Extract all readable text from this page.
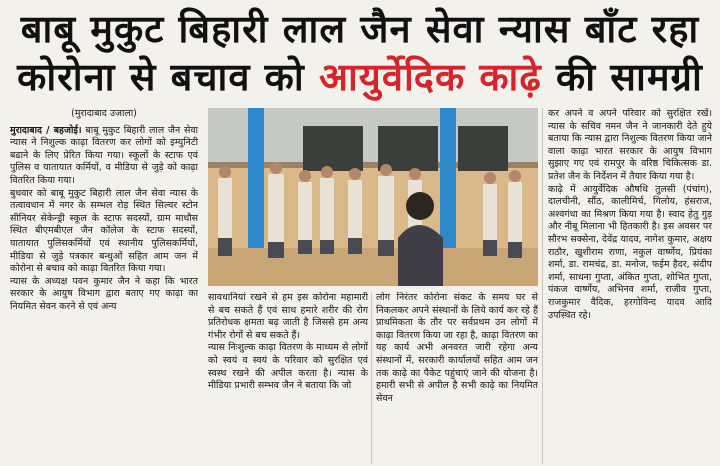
बाबू मुकुट बिहारी लाल जैन सेवा न्यास बाँट रहा
कोरोना से बचाव को आयुर्वेदिक काढ़े की सामग्री

(मुरादाबाद उजाला)

मुरादाबाद / बहजोई। बाबू मुकुट बिहारी लाल जैन सेवा न्यास ने निशुल्क काढ़ा वितरण कर लोगों को इम्युनिटी बढाने के लिए प्रेरित किया गया। स्कूलों के स्टाफ एवं पुलिस व यातायात कर्मियों, व मीडिया से जुड़े को काढ़ा वितरित किया गया।

बुधवार को बाबू मुकुट बिहारी लाल जैन सेवा न्यास के तत्वावधान में नगर के सम्भल रोड़ स्थित सिल्वर स्टोन सीनियर सेकेन्ड्री स्कूल के स्टाफ सदस्यों, ग्राम माधौस स्थित बीएमबीएल जैन कॉलेज के स्टाफ सदस्यों, यातायात पुलिसकर्मियों एवं स्थानीय पुलिसकर्मियों, मीडिया से जुड़े पत्रकार बन्धुओं सहित आम जन में कोरोना से बचाव को काढ़ा वितरित किया गया।

न्यास के अध्यक्ष पवन कुमार जैन ने कहा कि भारत सरकार के आयुष विभाग द्वारा बताए गए काढ़ा का नियमित सेवन करने से एवं अन्य

सावधानियां रखने से हम इस कोरोना महामारी से बच सकते हैं एवं साथ हमारे शरीर की रोग प्रतिरोधक क्षमता बढ़ जाती है जिससे हम अन्य गंभीर रोगों से बच सकते हैं।

न्यास निःशुल्क काढ़ा वितरण के माध्यम से लोगों को स्वयं व स्वयं के परिवार को सुरक्षित एवं स्वस्थ रखने की अपील करता है। न्यास के मीडिया प्रभारी सम्भव जैन ने बताया कि जो

लोग निरंतर कोरोना संकट के समय घर से निकलकर अपने संस्थानों के लिये कार्य कर रहे हैं प्राथमिकता के तौर पर सर्वप्रथम उन लोगों में काढ़ा वितरण किया जा रहा है, काढ़ा वितरण का यह कार्य अभी अनवरत जारी रहेगा अन्य संस्थानों में, सरकारी कार्यालयों सहित आम जन तक काढ़े का पैकेट पहुंचाएं जाने की योजना है। हमारी सभी से अपील है सभी काढ़े का नियमित सेवन

कर अपने व अपने परिवार को सुरक्षित रखें। न्यास के सचिव नमन जैन ने जानकारी देते हुये बताया कि न्यास द्वारा निशुल्क वितरण किया जाने वाला काढ़ा भारत सरकार के आयुष विभाग सुझाए गए एवं रामपुर के वरिष्ठ चिकित्सक डा. प्रतेश जैन के निर्देशन में तैयार किया गया है।

काढ़े में आयुर्वेदिक औषधि तुलसी (पंचांग), दालचीनी, सौंठ, कालीमिर्च, गिलोय, हंसराज, अश्वगंधा का मिश्रण किया गया है। स्वाद हेतु गुड़ और नीबू मिलाना भी हितकारी है। इस अवसर पर सौरभ सक्सेना, देवेंद्र यादव, नागेश कुमार, अक्षय राठौर, खुशीराम राणा, नकुल वार्ष्णेय, प्रियंका शर्मा, डा. रामचंद्र, डा. मनोज, फईम हैदर, संदीप शर्मा, साधना गुप्ता, अंकित गुप्ता, शोभित गुप्ता, पंकज वार्ष्णेय, अभिनव शर्मा, राजीव गुप्ता, राजकुमार वैदिक, हरगोविन्द यादव आदि उपस्थित रहे।
